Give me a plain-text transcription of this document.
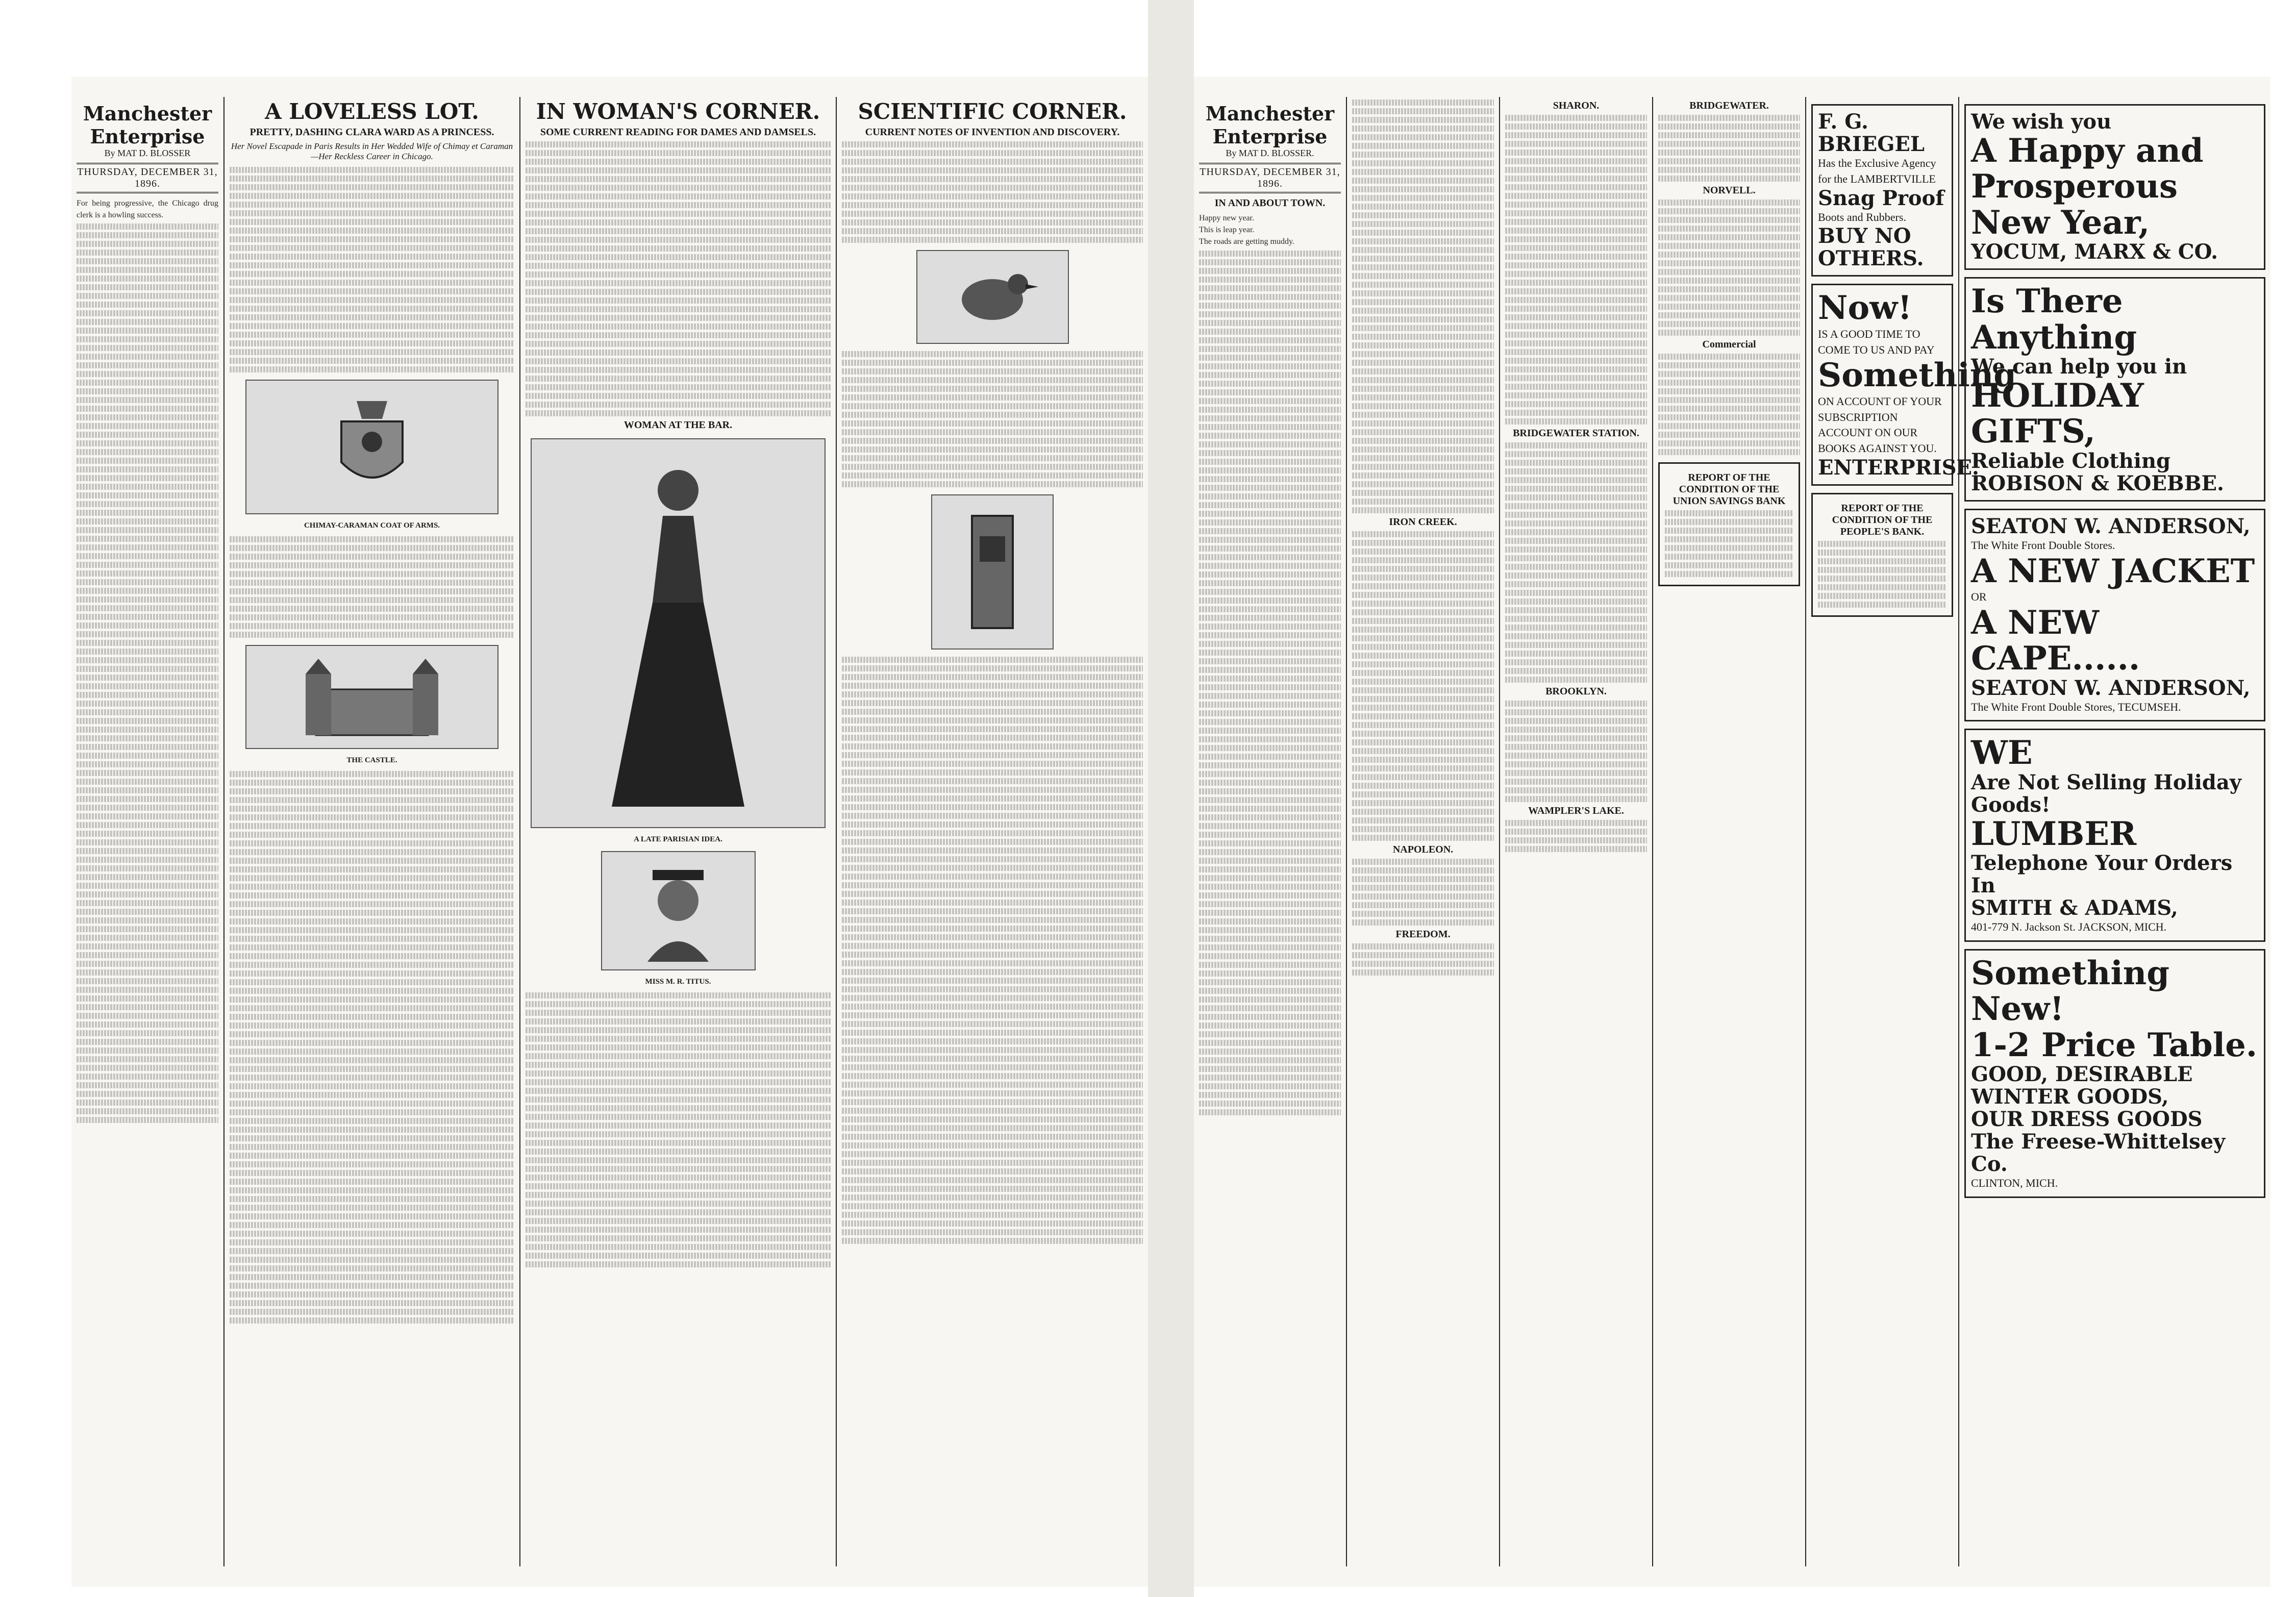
Manchester Enterprise
By MAT D. BLOSSER
THURSDAY, DECEMBER 31, 1896.
For being progressive, the Chicago drug clerk is a howling success.
A LOVELESS LOT.
PRETTY, DASHING CLARA WARD AS A PRINCESS.
Her Novel Escapade in Paris Results in Her Wedded Wife of Chimay et Caraman—Her Reckless Career in Chicago.
CHIMAY-CARAMAN COAT OF ARMS.
THE CASTLE.
IN WOMAN'S CORNER.
SOME CURRENT READING FOR DAMES AND DAMSELS.
WOMAN AT THE BAR.
A LATE PARISIAN IDEA.
MISS M. R. TITUS.
SCIENTIFIC CORNER.
CURRENT NOTES OF INVENTION AND DISCOVERY.
Manchester Enterprise
By MAT D. BLOSSER.
THURSDAY, DECEMBER 31, 1896.
IN AND ABOUT TOWN.
Happy new year.
This is leap year.
The roads are getting muddy.
IRON CREEK.
NAPOLEON.
FREEDOM.
SHARON.
BRIDGEWATER STATION.
BROOKLYN.
WAMPLER'S LAKE.
BRIDGEWATER.
NORVELL.
Commercial
REPORT OF THE CONDITION OF THE UNION SAVINGS BANK
F. G. BRIEGEL
Has the Exclusive Agency for the LAMBERTVILLE
Snag Proof
Boots and Rubbers.
BUY NO OTHERS.
Now!
IS A GOOD TIME TO COME TO US AND PAY
Something
ON ACCOUNT OF YOUR SUBSCRIPTION ACCOUNT ON OUR BOOKS AGAINST YOU.
ENTERPRISE.
REPORT OF THE CONDITION OF THE PEOPLE'S BANK.
We wish you
A Happy and Prosperous
New Year,
YOCUM, MARX & CO.
Is There Anything
We can help you in
HOLIDAY GIFTS,
Reliable Clothing
ROBISON & KOEBBE.
SEATON W. ANDERSON,
The White Front Double Stores.
A NEW JACKET
OR
A NEW CAPE......
SEATON W. ANDERSON,
The White Front Double Stores, TECUMSEH.
WE
Are Not Selling Holiday Goods!
LUMBER
Telephone Your Orders In
SMITH & ADAMS,
401-779 N. Jackson St. JACKSON, MICH.
Something New!
1-2 Price Table.
GOOD, DESIRABLE WINTER GOODS,
OUR DRESS GOODS
The Freese-Whittelsey Co.
CLINTON, MICH.
